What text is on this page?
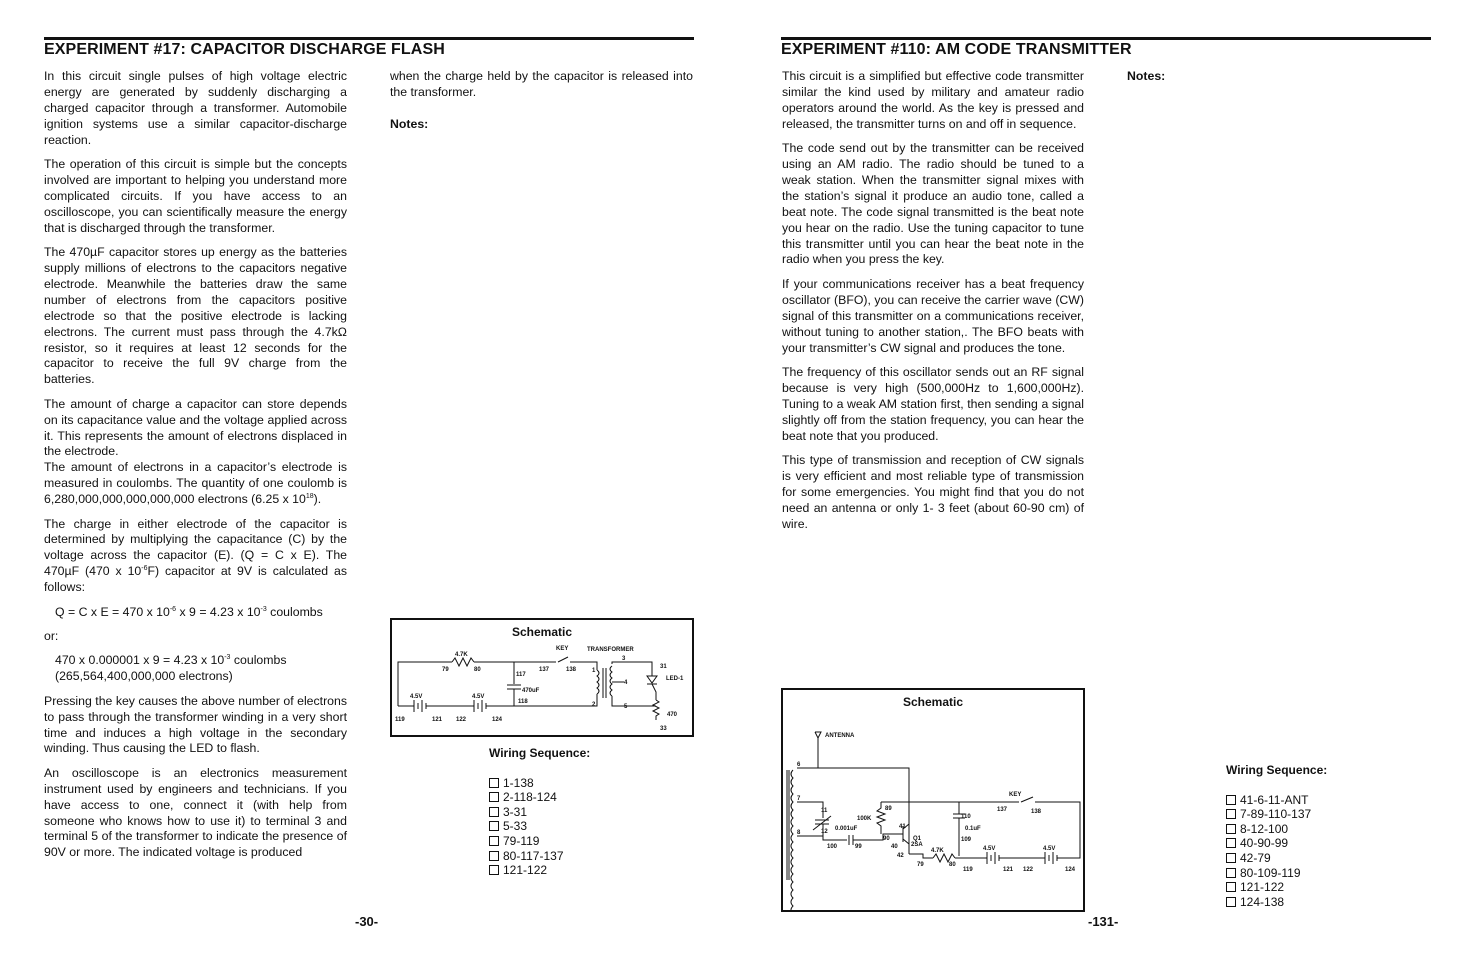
EXPERIMENT #17: CAPACITOR DISCHARGE FLASH

In this circuit single pulses of high voltage electric energy are generated by suddenly discharging a charged capacitor through a transformer. Automobile ignition systems use a similar capacitor-discharge reaction.

The operation of this circuit is simple but the concepts involved are important to helping you understand more complicated circuits. If you have access to an oscilloscope, you can scientifically measure the energy that is discharged through the transformer.

The 470µF capacitor stores up energy as the batteries supply millions of electrons to the capacitors negative electrode. Meanwhile the batteries draw the same number of electrons from the capacitors positive electrode so that the positive electrode is lacking electrons. The current must pass through the 4.7kΩ resistor, so it requires at least 12 seconds for the capacitor to receive the full 9V charge from the batteries.

The amount of charge a capacitor can store depends on its capacitance value and the voltage applied across it. This represents the amount of electrons displaced in the electrode.

The amount of electrons in a capacitor’s electrode is measured in coulombs. The quantity of one coulomb is 6,280,000,000,000,000,000 electrons (6.25 x $10^{18}$).

The charge in either electrode of the capacitor is determined by multiplying the capacitance (C) by the voltage across the capacitor (E). (Q = C x E). The 470µF (470 x $10^{-6}F$) capacitor at 9V is calculated as follows:

Q = C x E = 470 x $10^{-6}$ x 9 = 4.23 x $10^{-3}$ coulombs

or:

470 x 0.000001 x 9 = 4.23 x $10^{-3}$ coulombs
(265,564,400,000,000 electrons)

Pressing the key causes the above number of electrons to pass through the transformer winding in a very short time and induces a high voltage in the secondary winding. Thus causing the LED to flash.

An oscilloscope is an electronics measurement instrument used by engineers and technicians. If you have access to one, connect it (with help from someone who knows how to use it) to terminal 3 and terminal 5 of the transformer to indicate the presence of 90V or more. The indicated voltage is produced

when the charge held by the capacitor is released into the transformer.

Notes:
Schematic
4.7K
79	80
KEY	TRANSFORMER
137	138	1
3
31
LED-1
117
470uF
4
118	2	5
4.5V	4.5V
470
119	121 122	124
33
Wiring Sequence:
1-138
2-118-124
3-31
5-33
79-119
80-117-137
121-122
-30-
EXPERIMENT #110: AM CODE TRANSMITTER

This circuit is a simplified but effective code transmitter similar the kind used by military and amateur radio operators around the world. As the key is pressed and released, the transmitter turns on and off in sequence.

The code send out by the transmitter can be received using an AM radio. The radio should be tuned to a weak station. When the transmitter signal mixes with the station’s signal it produce an audio tone, called a beat note. The code signal transmitted is the beat note you hear on the radio. Use the tuning capacitor to tune this transmitter until you can hear the beat note in the radio when you press the key.

If your communications receiver has a beat frequency oscillator (BFO), you can receive the carrier wave (CW) signal of this transmitter on a communications receiver, without tuning to another station,. The BFO beats with your transmitter’s CW signal and produces the tone.

The frequency of this oscillator sends out an RF signal because is very high (500,000Hz to 1,600,000Hz). Tuning to a weak AM station first, then sending a signal slightly off from the station frequency, you can hear the beat note that you produced.

This type of transmission and reception of CW signals is very efficient and most reliable type of transmission for some emergencies. You might find that you do not need an antenna or only 1- 3 feet (about 60-90 cm) of wire.

Notes:
Schematic
ANTENNA
6
7
8
11
12 0.001uF
100	99
100K
89
41
90
40
Q1
2SA
42
110
0.1uF
109
KEY
137	138
4.7K
79	80
4.5V	4.5V
119	121 122	124
Wiring Sequence:
41-6-11-ANT
7-89-110-137
8-12-100
40-90-99
42-79
80-109-119
121-122
124-138
-131-
